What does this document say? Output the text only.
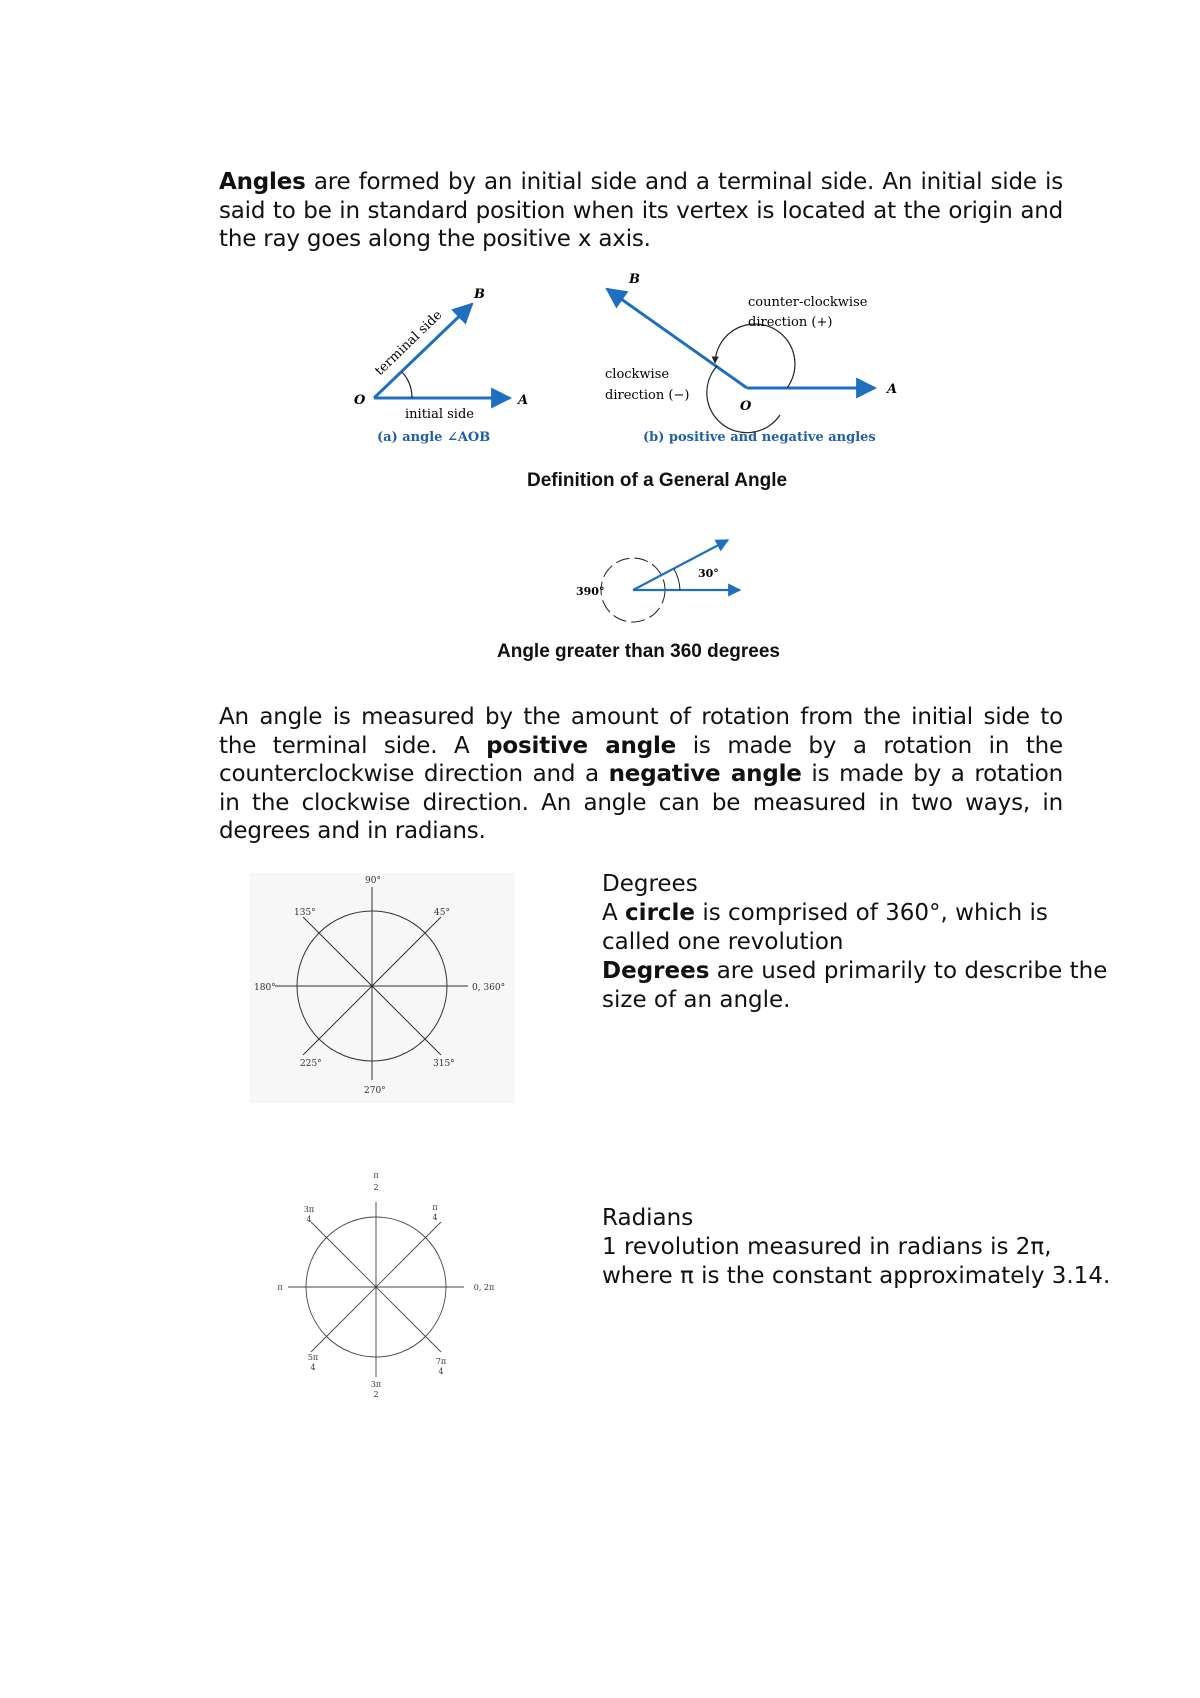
Angles are formed by an initial side and a terminal side. An initial side is said to be in standard position when its vertex is located at the origin and the ray goes along the positive x axis.
B
O	A
terminal side
initial side
(a) angle ∠AOB
B
O
A
counter-clockwise
direction (+)
clockwise
direction (−)
(b) positive and negative angles
Definition of a General Angle
390°
30°
Angle greater than 360 degrees
An angle is measured by the amount of rotation from the initial side to the terminal side. A positive angle is made by a rotation in the counterclockwise direction and a negative angle is made by a rotation in the clockwise direction. An angle can be measured in two ways, in degrees and in radians.
90°
45°
0, 360°
315°
270°
225°
180°
135°
Degrees
A circle is comprised of 360°, which is called one revolution
Degrees are used primarily to describe the size of an angle.
π
2
π
4
0, 2π
7π
4
3π
2
5π
4
π
3π
4	Radians
1 revolution measured in radians is 2π, where π is the constant approximately 3.14.
